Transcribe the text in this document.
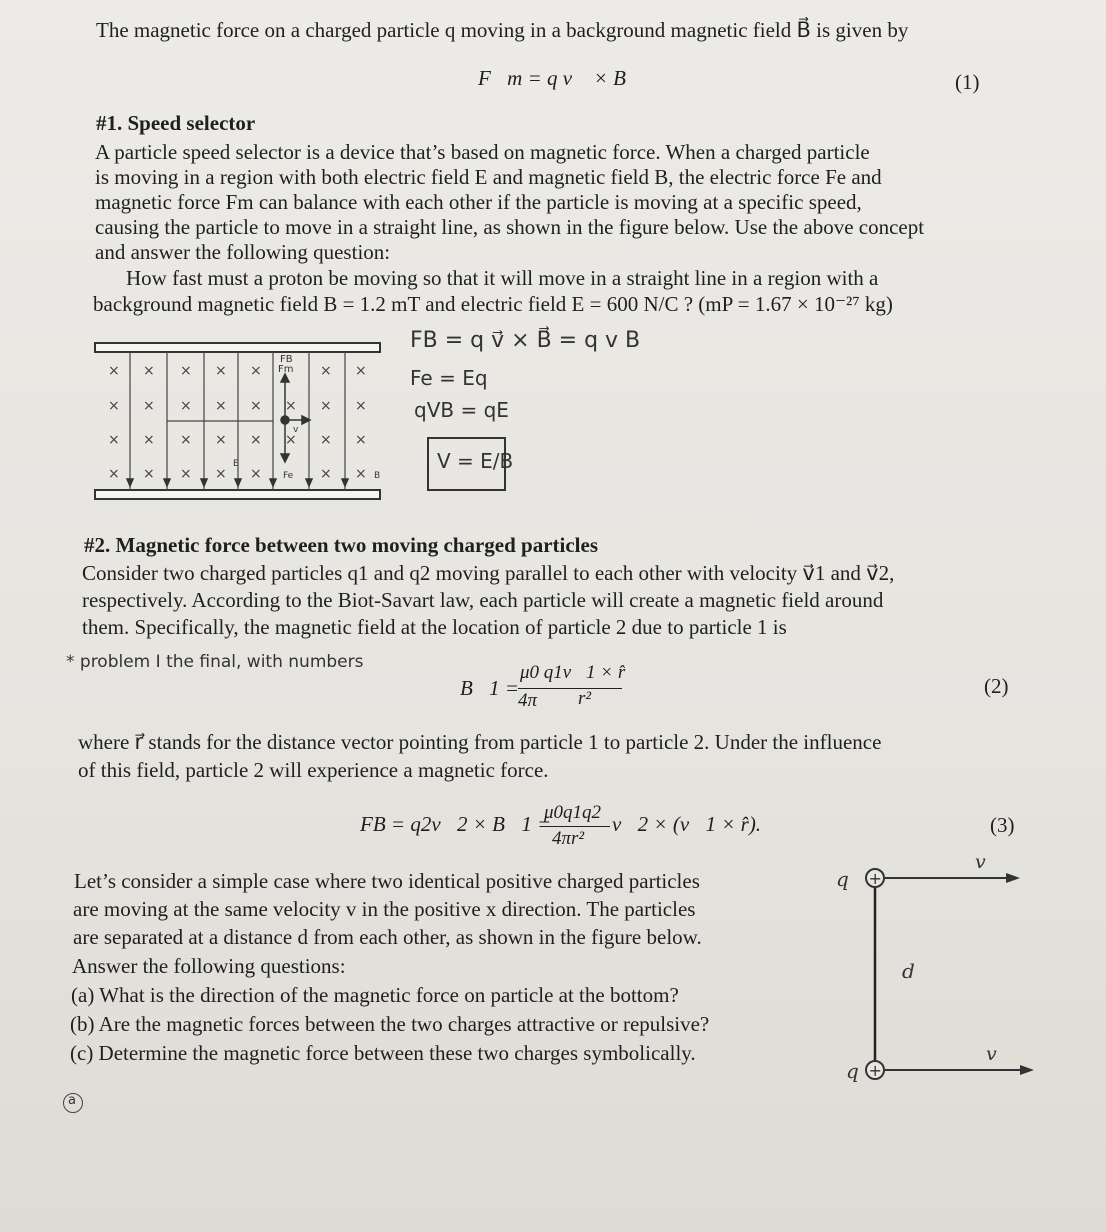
The magnetic force on a charged particle q moving in a background magnetic field B⃗ is given by
F⃗m = q v⃗ × B⃗	(1)
#1. Speed selector
A particle speed selector is a device that’s based on magnetic force. When a charged particle
is moving in a region with both electric field E and magnetic field B, the electric force Fe and
magnetic force Fm can balance with each other if the particle is moving at a specific speed,
causing the particle to move in a straight line, as shown in the figure below. Use the above concept
and answer the following question:
How fast must a proton be moving so that it will move in a straight line in a region with a
background magnetic field B = 1.2 mT and electric field E = 600 N/C ? (mP = 1.67 × 10⁻²⁷ kg)
× × × × ×	× ×
× × × × × × × ×
× × × × × × × ×
× × × × ×	× ×
FB
Fm
v
E
Fe	B
FB = q v⃗ × B⃗ = q v B
Fe = Eq
qVB = qE
V = E/B
#2. Magnetic force between two moving charged particles
Consider two charged particles q1 and q2 moving parallel to each other with velocity v⃗1 and v⃗2,
respectively. According to the Biot-Savart law, each particle will create a magnetic field around
them. Specifically, the magnetic field at the location of particle 2 due to particle 1 is
* problem I the final, with numbers
B⃗1 =
μ0 q1v⃗1 × r̂
4π r²
(2)
where r⃗ stands for the distance vector pointing from particle 1 to particle 2. Under the influence
of this field, particle 2 will experience a magnetic force.
FB = q2v⃗2 × B⃗1 =
μ0q1q2
4πr²
v⃗2 × (v⃗1 × r̂).	(3)
Let’s consider a simple case where two identical positive charged particles
are moving at the same velocity v in the positive x direction. The particles
are separated at a distance d from each other, as shown in the figure below.
Answer the following questions:
(a) What is the direction of the magnetic force on particle at the bottom?
(b) Are the magnetic forces between the two charges attractive or repulsive?
(c) Determine the magnetic force between these two charges symbolically.
+
+
q
q
v
v
d
a
